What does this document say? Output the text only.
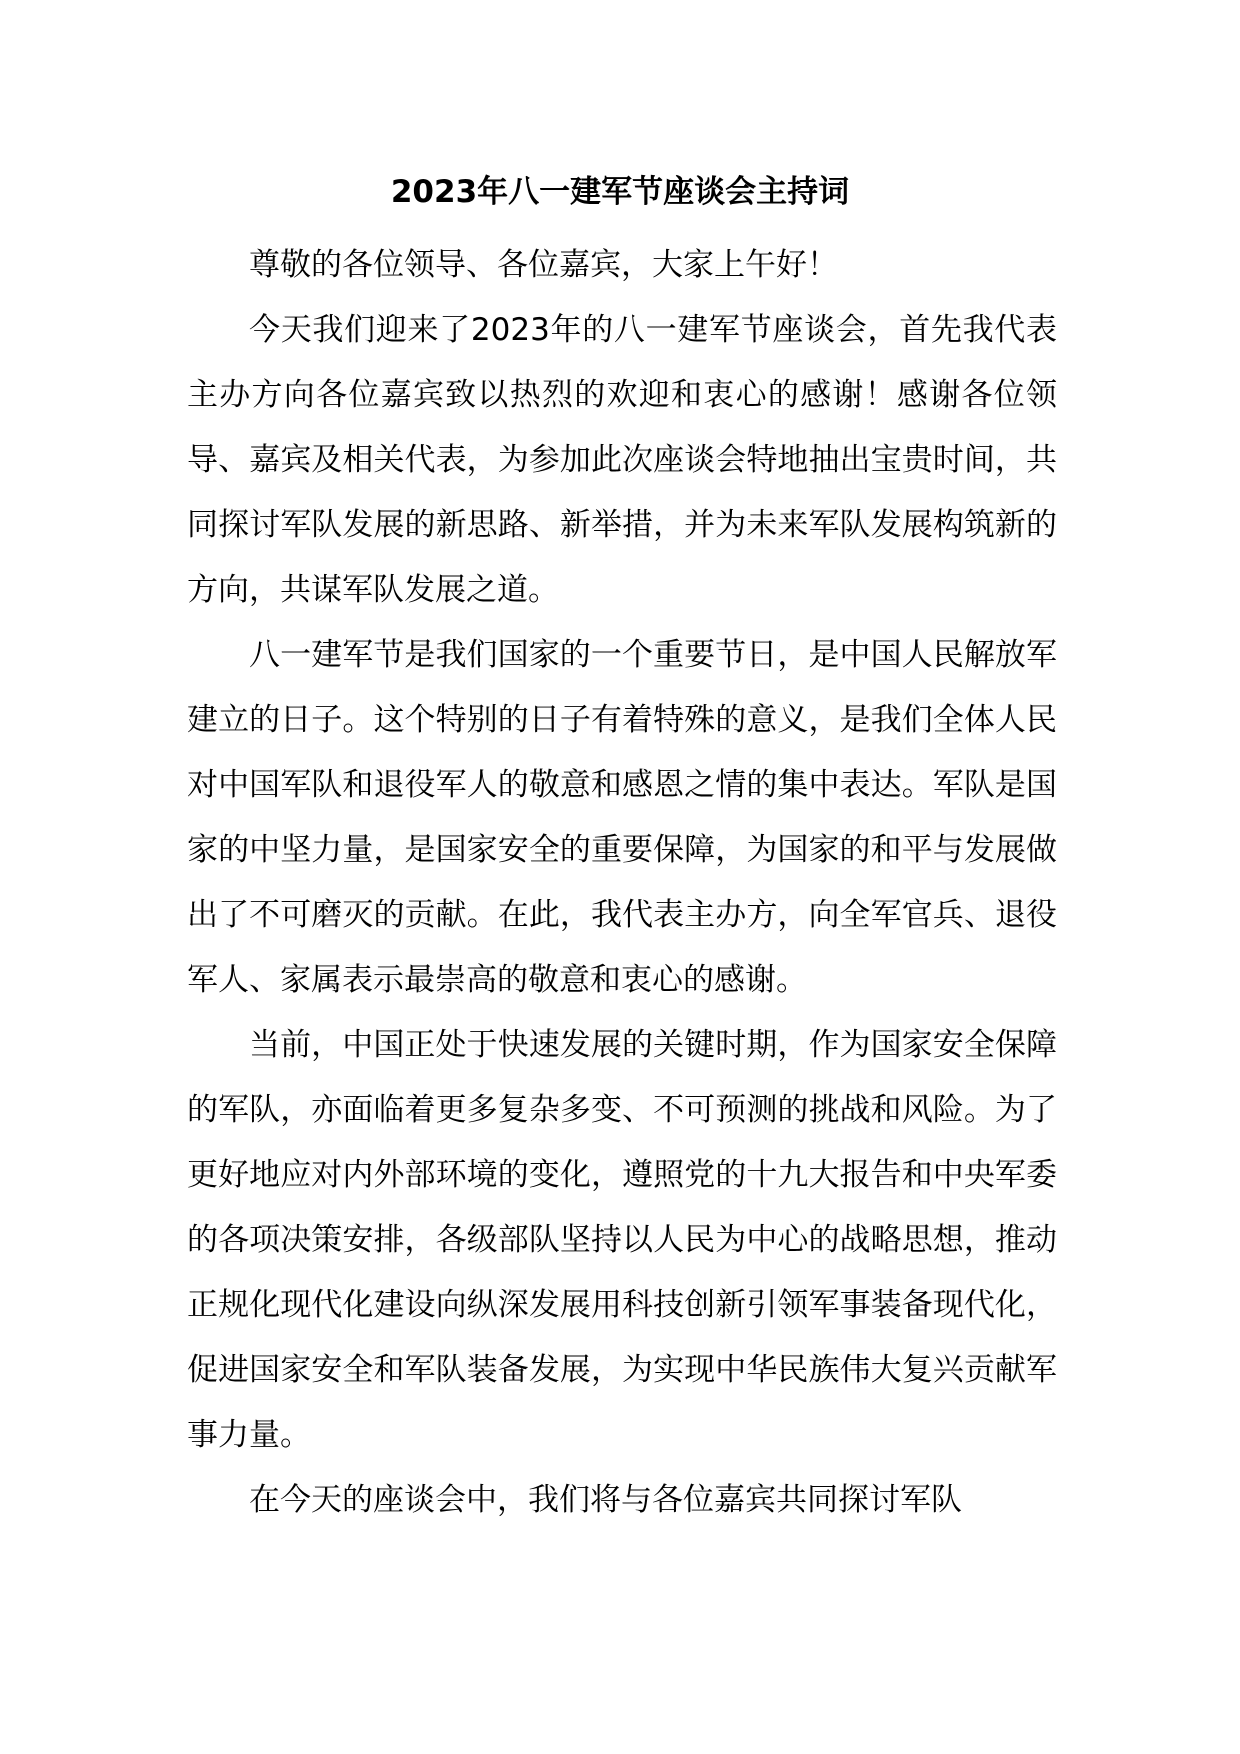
2023年八一建军节座谈会主持词

尊敬的各位领导、各位嘉宾，大家上午好！

今天我们迎来了2023年的八一建军节座谈会，首先我代表主办方向各位嘉宾致以热烈的欢迎和衷心的感谢！感谢各位领导、嘉宾及相关代表，为参加此次座谈会特地抽出宝贵时间，共同探讨军队发展的新思路、新举措，并为未来军队发展构筑新的方向，共谋军队发展之道。

八一建军节是我们国家的一个重要节日，是中国人民解放军建立的日子。这个特别的日子有着特殊的意义，是我们全体人民对中国军队和退役军人的敬意和感恩之情的集中表达。军队是国家的中坚力量，是国家安全的重要保障，为国家的和平与发展做出了不可磨灭的贡献。在此，我代表主办方，向全军官兵、退役军人、家属表示最崇高的敬意和衷心的感谢。

当前，中国正处于快速发展的关键时期，作为国家安全保障的军队，亦面临着更多复杂多变、不可预测的挑战和风险。为了更好地应对内外部环境的变化，遵照党的十九大报告和中央军委的各项决策安排，各级部队坚持以人民为中心的战略思想，推动正规化现代化建设向纵深发展用科技创新引领军事装备现代化，促进国家安全和军队装备发展，为实现中华民族伟大复兴贡献军事力量。

在今天的座谈会中，我们将与各位嘉宾共同探讨军队
